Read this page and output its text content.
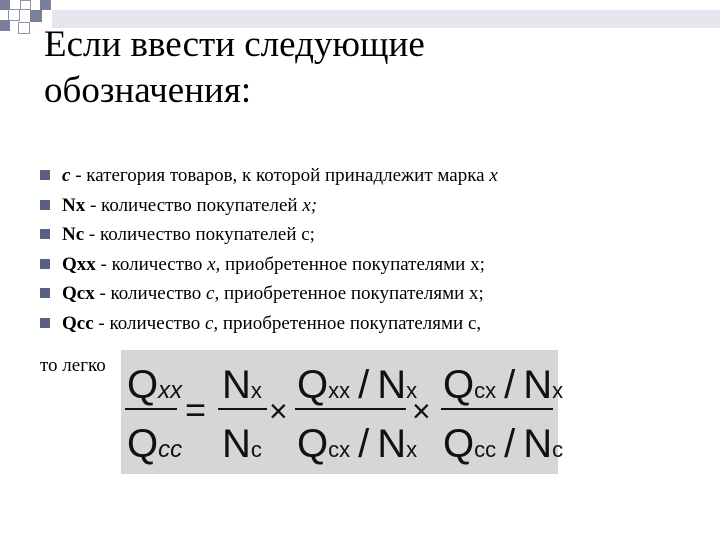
Если ввести следующие
обозначения:
c - категория товаров, к которой принадлежит марка x
Nx - количество покупателей x;
Nc - количество покупателей с;
Qxx - количество x, приобретенное покупателями x;
Qcx - количество c, приобретенное покупателями x;
Qcc - количество c, приобретенное покупателями c,
то легко Qxx
Qcc
=
Nx
Nc
×
Qxx / Nx
Qcx / Nx
×
Qcx / Nx
Qcc / Nc
